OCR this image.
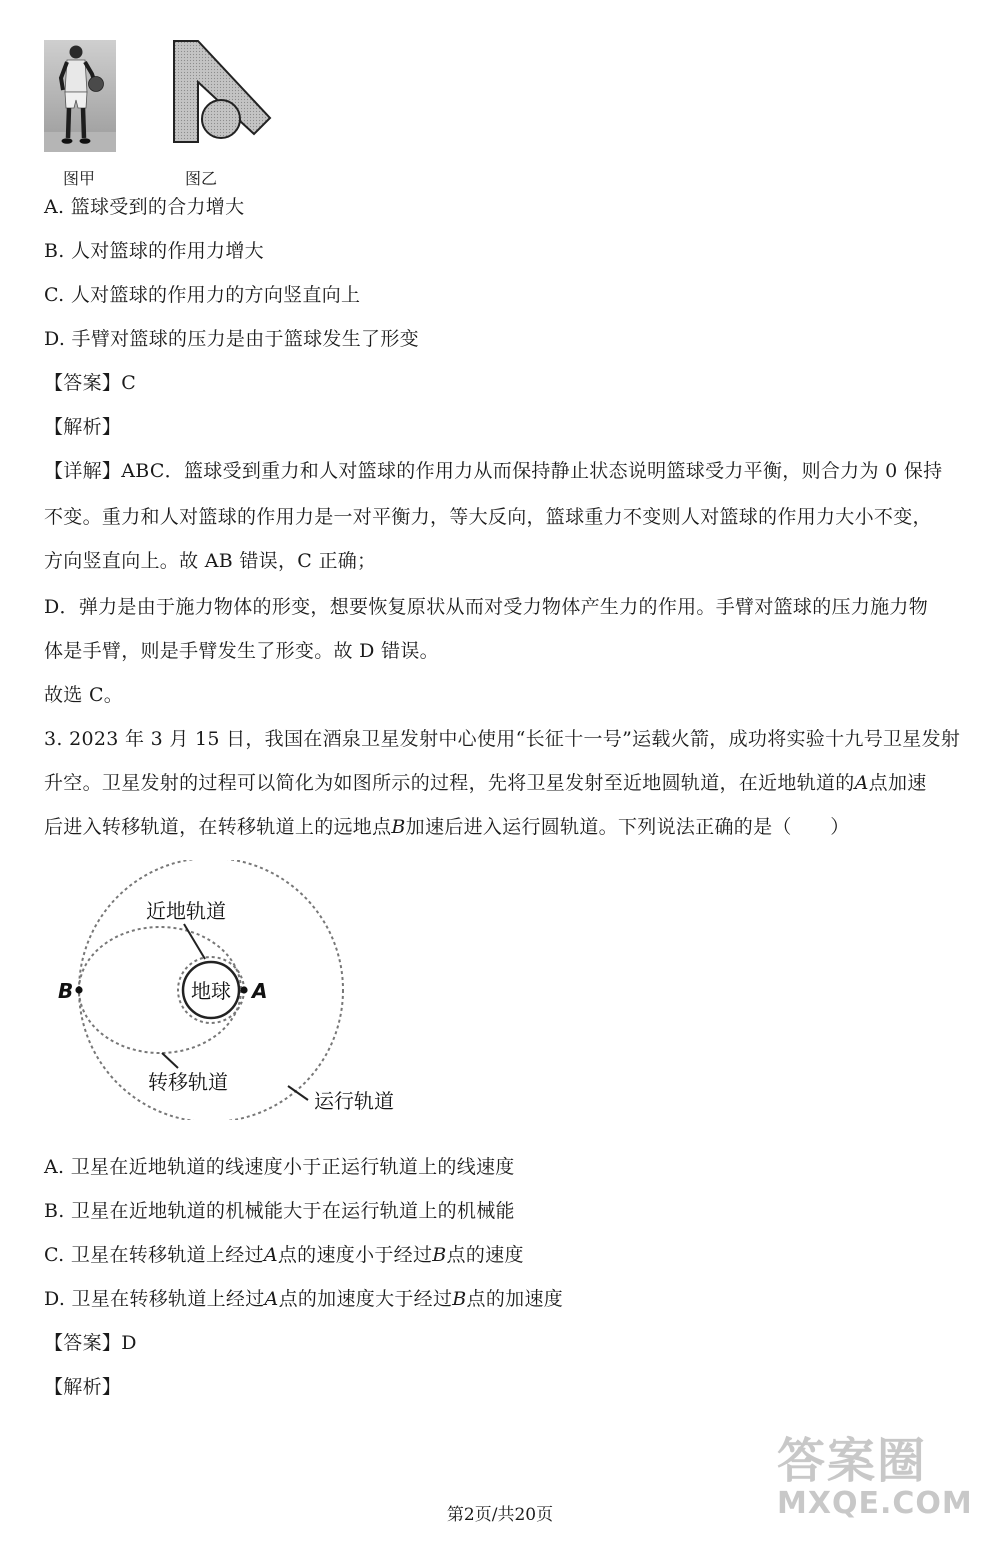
图甲	图乙
A. 篮球受到的合力增大
B. 人对篮球的作用力增大
C. 人对篮球的作用力的方向竖直向上
D. 手臂对篮球的压力是由于篮球发生了形变
【答案】C
【解析】
【详解】ABC．篮球受到重力和人对篮球的作用力从而保持静止状态说明篮球受力平衡，则合力为 0 保持
不变。重力和人对篮球的作用力是一对平衡力，等大反向，篮球重力不变则人对篮球的作用力大小不变，
方向竖直向上。故 AB 错误，C 正确；
D．弹力是由于施力物体的形变，想要恢复原状从而对受力物体产生力的作用。手臂对篮球的压力施力物
体是手臂，则是手臂发生了形变。故 D 错误。
故选 C。
3. 2023 年 3 月 15 日，我国在酒泉卫星发射中心使用“长征十一号”运载火箭，成功将实验十九号卫星发射
升空。卫星发射的过程可以简化为如图所示的过程，先将卫星发射至近地圆轨道，在近地轨道的A点加速
后进入转移轨道，在转移轨道上的远地点B加速后进入运行圆轨道。下列说法正确的是（　　）
地球 A
B
近地轨道
转移轨道
运行轨道
A. 卫星在近地轨道的线速度小于正运行轨道上的线速度
B. 卫星在近地轨道的机械能大于在运行轨道上的机械能
C. 卫星在转移轨道上经过A点的速度小于经过B点的速度
D. 卫星在转移轨道上经过A点的加速度大于经过B点的加速度
【答案】D
【解析】
第2页/共20页
答案圈
MXQE.COM
